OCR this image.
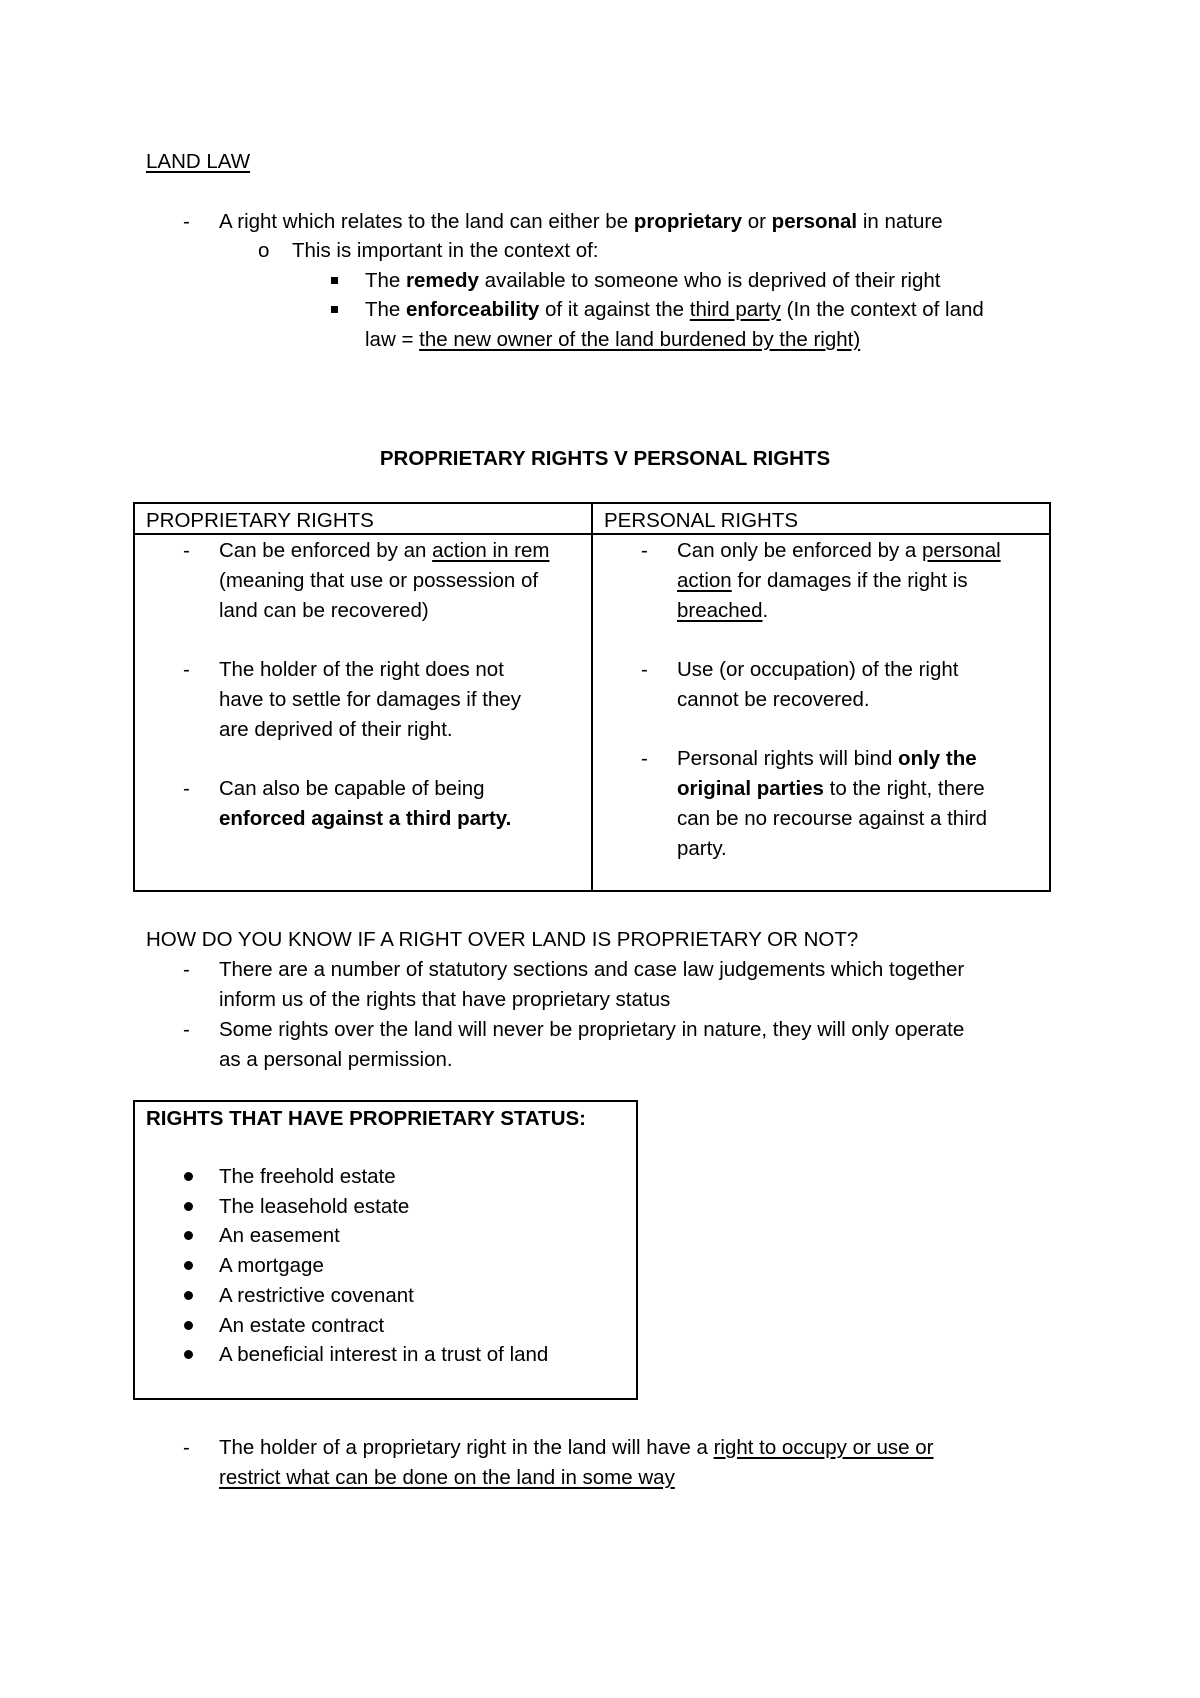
LAND LAW
- A right which relates to the land can either be proprietary or personal in nature
o This is important in the context of:
The remedy available to someone who is deprived of their right
The enforceability of it against the third party (In the context of land
law = the new owner of the land burdened by the right)
PROPRIETARY RIGHTS V PERSONAL RIGHTS
PROPRIETARY RIGHTS	PERSONAL RIGHTS
- Can be enforced by an action in rem
(meaning that use or possession of
land can be recovered)
- The holder of the right does not
have to settle for damages if they
are deprived of their right.
- Can also be capable of being
enforced against a third party.
- Can only be enforced by a personal
action for damages if the right is
breached.
- Use (or occupation) of the right
cannot be recovered.
- Personal rights will bind only the
original parties to the right, there
can be no recourse against a third
party.
HOW DO YOU KNOW IF A RIGHT OVER LAND IS PROPRIETARY OR NOT?
- There are a number of statutory sections and case law judgements which together
inform us of the rights that have proprietary status
- Some rights over the land will never be proprietary in nature, they will only operate
as a personal permission.
RIGHTS THAT HAVE PROPRIETARY STATUS:
The freehold estate
The leasehold estate
An easement
A mortgage
A restrictive covenant
An estate contract
A beneficial interest in a trust of land
- The holder of a proprietary right in the land will have a right to occupy or use or
restrict what can be done on the land in some way
